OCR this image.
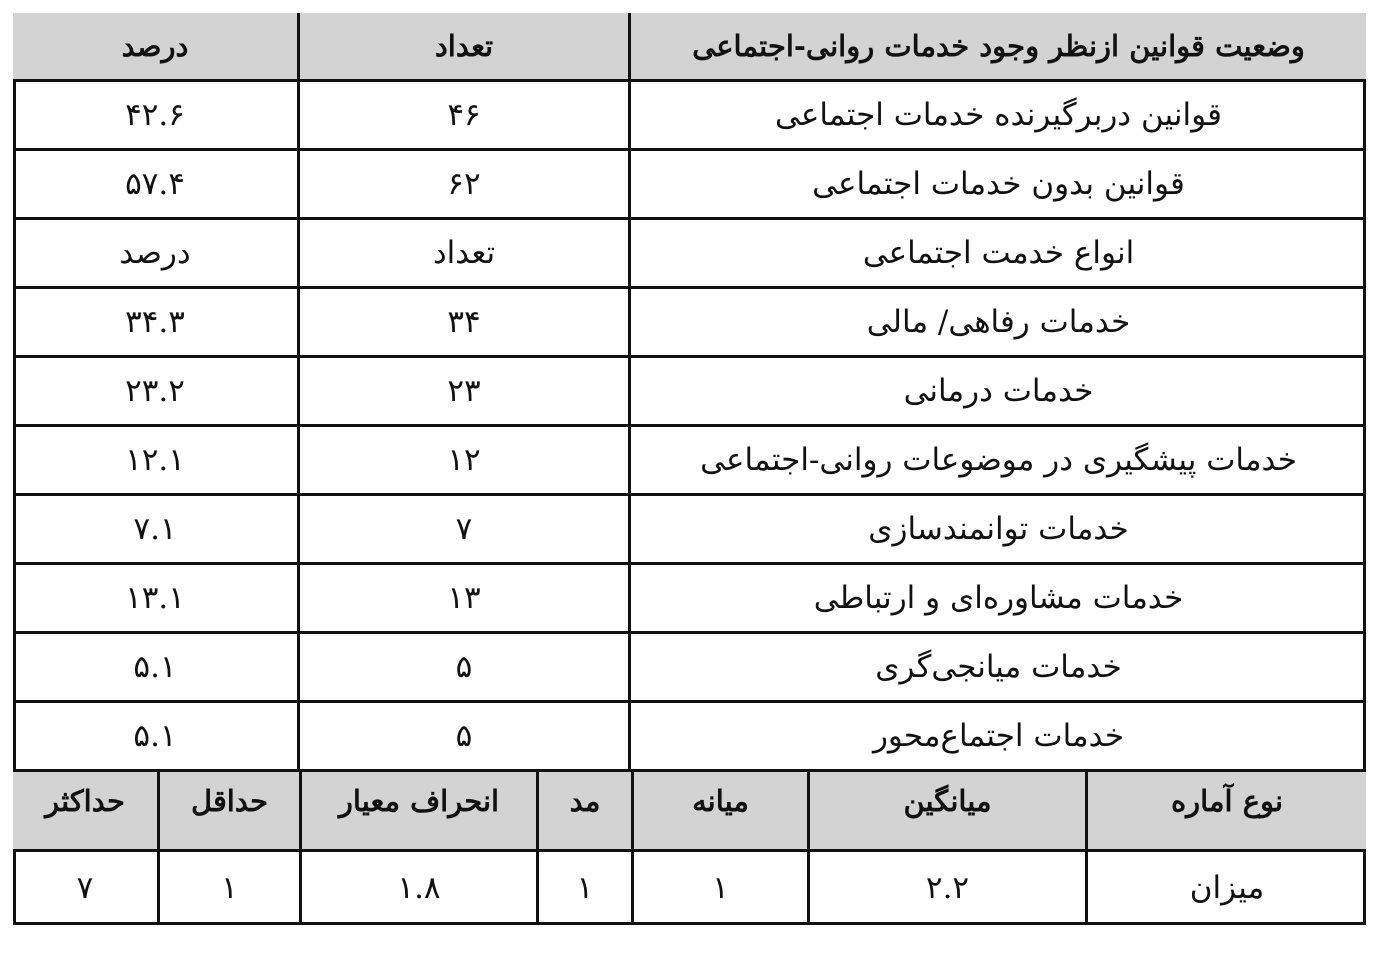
وضعیت قوانین ازنظر وجود خدمات روانی-اجتماعی
تعداد
درصد
قوانین دربرگیرنده خدمات اجتماعی
۴۶
۴۲.۶
قوانین بدون خدمات اجتماعی
۶۲
۵۷.۴
انواع خدمت اجتماعی
تعداد
درصد
خدمات رفاهی/ مالی
۳۴
۳۴.۳
خدمات درمانی
۲۳
۲۳.۲
خدمات پیشگیری در موضوعات روانی-اجتماعی
۱۲
۱۲.۱
خدمات توانمندسازی
۷
۷.۱
خدمات مشاوره‌ای و ارتباطی
۱۳
۱۳.۱
خدمات میانجی‌گری
۵
۵.۱
خدمات اجتماع‌محور
۵
۵.۱
نوع آماره
میانگین
میانه
مد
انحراف معیار
حداقل
حداکثر
میزان
۲.۲
۱
۱
۱.۸
۱
۷
